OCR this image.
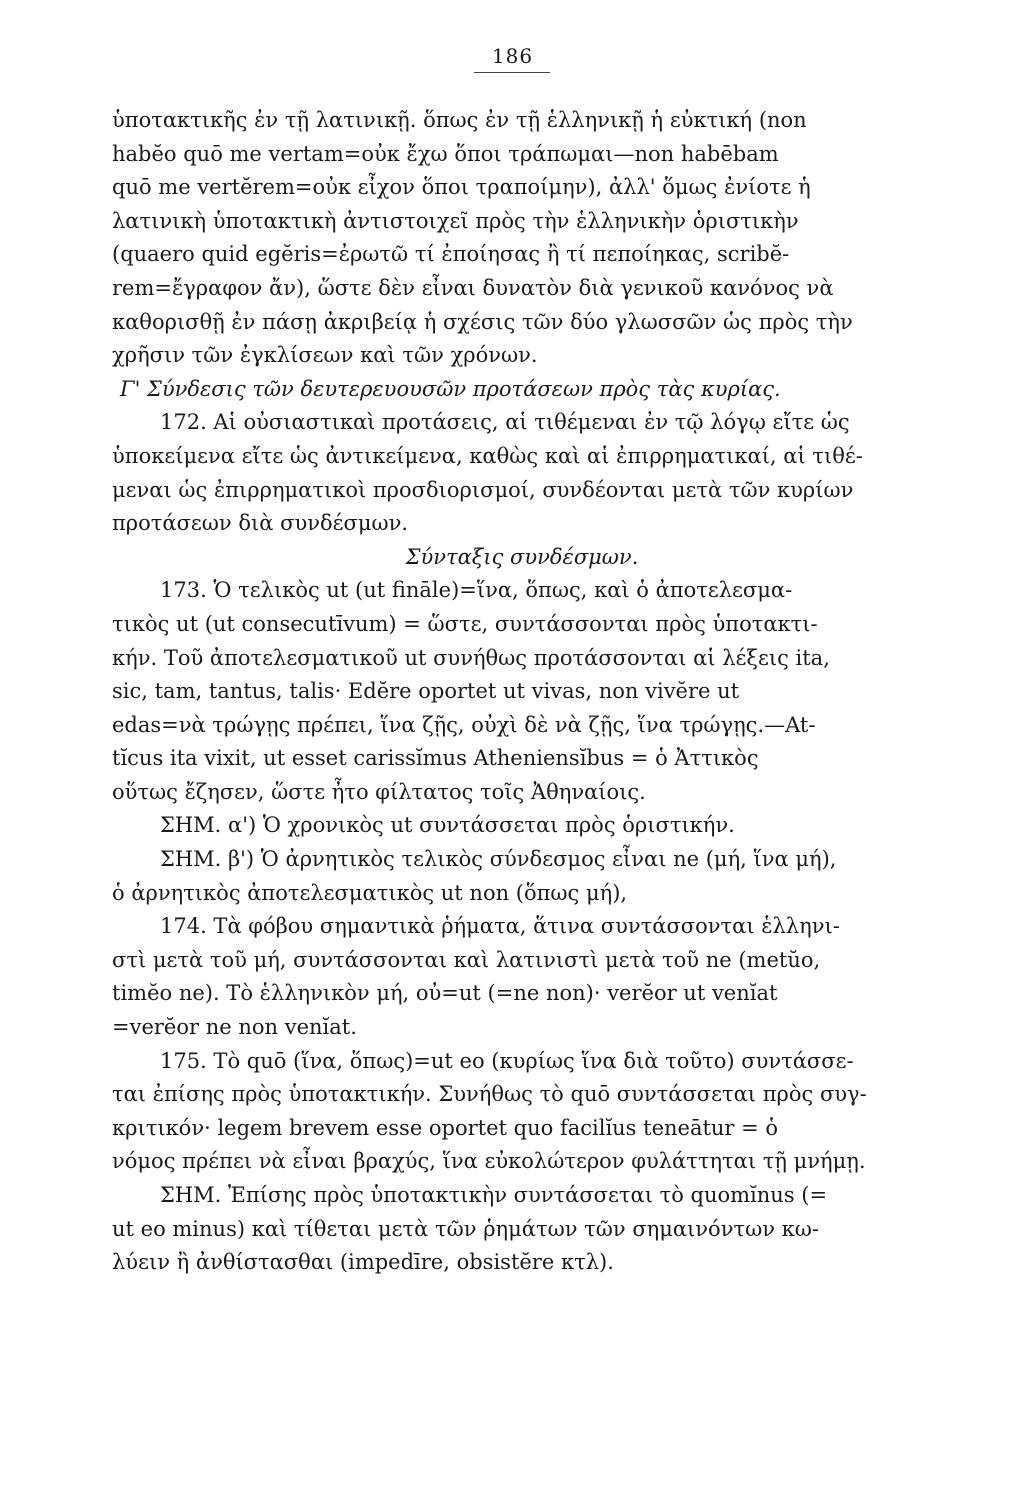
186
ὑποτακτικῆς ἐν τῇ λατινικῇ. ὅπως ἐν τῇ ἑλληνικῇ ἡ εὐκτική (non
habĕo quō me vertam=οὐκ ἔχω ὅποι τράπωμαι—non habēbam
quō me vertĕrem=οὐκ εἶχον ὅποι τραποίμην), ἀλλ' ὅμως ἐνίοτε ἡ
λατινικὴ ὑποτακτικὴ ἀντιστοιχεῖ πρὸς τὴν ἑλληνικὴν ὁριστικὴν
(quaero quid egĕris=ἐρωτῶ τί ἐποίησας ἢ τί πεποίηκας, scribĕ-
rem=ἔγραφον ἄν), ὥστε δὲν εἶναι δυνατὸν διὰ γενικοῦ κανόνος νὰ
καθορισθῇ ἐν πάσῃ ἀκριβείᾳ ἡ σχέσις τῶν δύο γλωσσῶν ὡς πρὸς τὴν
χρῆσιν τῶν ἐγκλίσεων καὶ τῶν χρόνων.
Γ' Σύνδεσις τῶν δευτερευουσῶν προτάσεων πρὸς τὰς κυρίας.
172. Αἱ οὐσιαστικαὶ προτάσεις, αἱ τιθέμεναι ἐν τῷ λόγῳ εἴτε ὡς
ὑποκείμενα εἴτε ὡς ἀντικείμενα, καθὼς καὶ αἱ ἐπιρρηματικαί, αἱ τιθέ-
μεναι ὡς ἐπιρρηματικοὶ προσδιορισμοί, συνδέονται μετὰ τῶν κυρίων
προτάσεων διὰ συνδέσμων.
Σύνταξις συνδέσμων.
173. Ὁ τελικὸς ut (ut fināle)=ἵνα, ὅπως, καὶ ὁ ἀποτελεσμα-
τικὸς ut (ut consecutīvum) = ὥστε, συντάσσονται πρὸς ὑποτακτι-
κήν. Τοῦ ἀποτελεσματικοῦ ut συνήθως προτάσσονται αἱ λέξεις ita,
sic, tam, tantus, talis· Edĕre oportet ut vivas, non vivĕre ut
edas=νὰ τρώγῃς πρέπει, ἵνα ζῇς, οὐχὶ δὲ νὰ ζῇς, ἵνα τρώγῃς.—At-
tĭcus ita vixit, ut esset carissĭmus Atheniensĭbus = ὁ Ἀττικὸς
οὕτως ἔζησεν, ὥστε ἦτο φίλτατος τοῖς Ἀθηναίοις.
ΣΗΜ. α') Ὁ χρονικὸς ut συντάσσεται πρὸς ὁριστικήν.
ΣΗΜ. β') Ὁ ἀρνητικὸς τελικὸς σύνδεσμος εἶναι ne (μή, ἵνα μή),
ὁ ἀρνητικὸς ἀποτελεσματικὸς ut non (ὅπως μή),
174. Τὰ φόβου σημαντικὰ ῥήματα, ἅτινα συντάσσονται ἑλληνι-
στὶ μετὰ τοῦ μή, συντάσσονται καὶ λατινιστὶ μετὰ τοῦ ne (metŭo,
timĕo ne). Τὸ ἑλληνικὸν μή, οὐ=ut (=ne non)· verĕor ut venĭat
=verĕor ne non venĭat.
175. Τὸ quō (ἵνα, ὅπως)=ut eo (κυρίως ἵνα διὰ τοῦτο) συντάσσε-
ται ἐπίσης πρὸς ὑποτακτικήν. Συνήθως τὸ quō συντάσσεται πρὸς συγ-
κριτικόν· legem brevem esse oportet quo facilĭus teneātur = ὁ
νόμος πρέπει νὰ εἶναι βραχύς, ἵνα εὐκολώτερον φυλάττηται τῇ μνήμῃ.
ΣΗΜ. Ἐπίσης πρὸς ὑποτακτικὴν συντάσσεται τὸ quomĭnus (=
ut eo minus) καὶ τίθεται μετὰ τῶν ῥημάτων τῶν σημαινόντων κω-
λύειν ἢ ἀνθίστασθαι (impedīre, obsistĕre κτλ).
